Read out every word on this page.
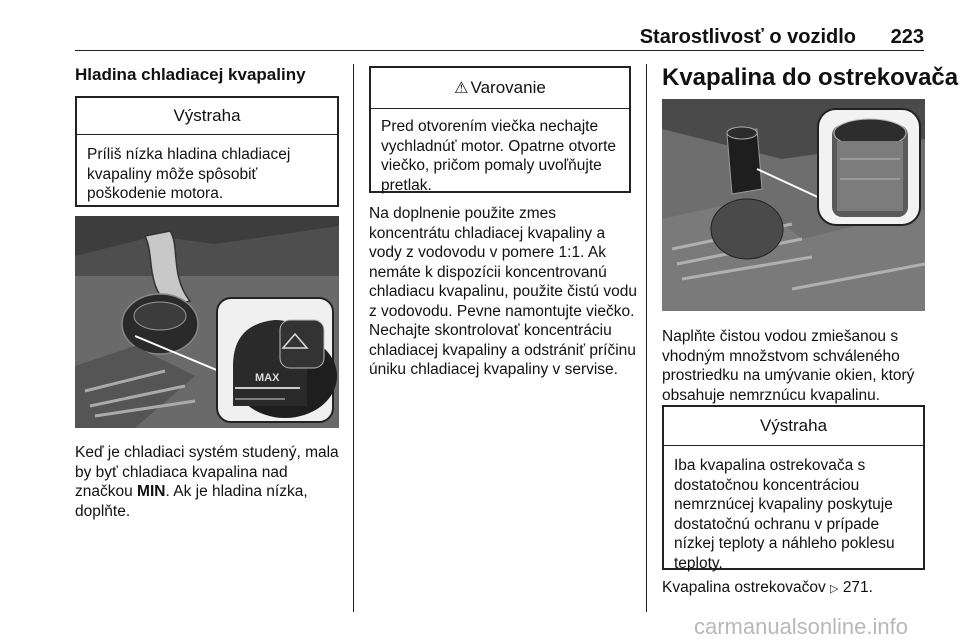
Starostlivosť o vozidlo 223
Hladina chladiacej kvapaliny
Výstraha
Príliš nízka hladina chladiacej kvapaliny môže spôsobiť poškodenie motora.
MAX
Keď je chladiaci systém studený, mala by byť chladiaca kvapalina nad značkou MIN. Ak je hladina nízka, doplňte.
⚠ Varovanie
Pred otvorením viečka nechajte vychladnúť motor. Opatrne otvorte viečko, pričom pomaly uvoľňujte pretlak.
Na doplnenie použite zmes koncentrátu chladiacej kvapaliny a vody z vodovodu v pomere 1:1. Ak nemáte k dispozícii koncentrovanú chladiacu kvapalinu, použite čistú vodu z vodovodu. Pevne namontujte viečko. Nechajte skontrolovať koncentráciu chladiacej kvapaliny a odstrániť príčinu úniku chladiacej kvapaliny v servise.
Kvapalina do ostrekovača
Naplňte čistou vodou zmiešanou s vhodným množstvom schváleného prostriedku na umývanie okien, ktorý obsahuje nemrznúcu kvapalinu.
Výstraha
Iba kvapalina ostrekovača s dostatočnou koncentráciou nemrznúcej kvapaliny poskytuje dostatočnú ochranu v prípade nízkej teploty a náhleho poklesu teploty.
Kvapalina ostrekovačov ▷ 271.
carmanualsonline.info
